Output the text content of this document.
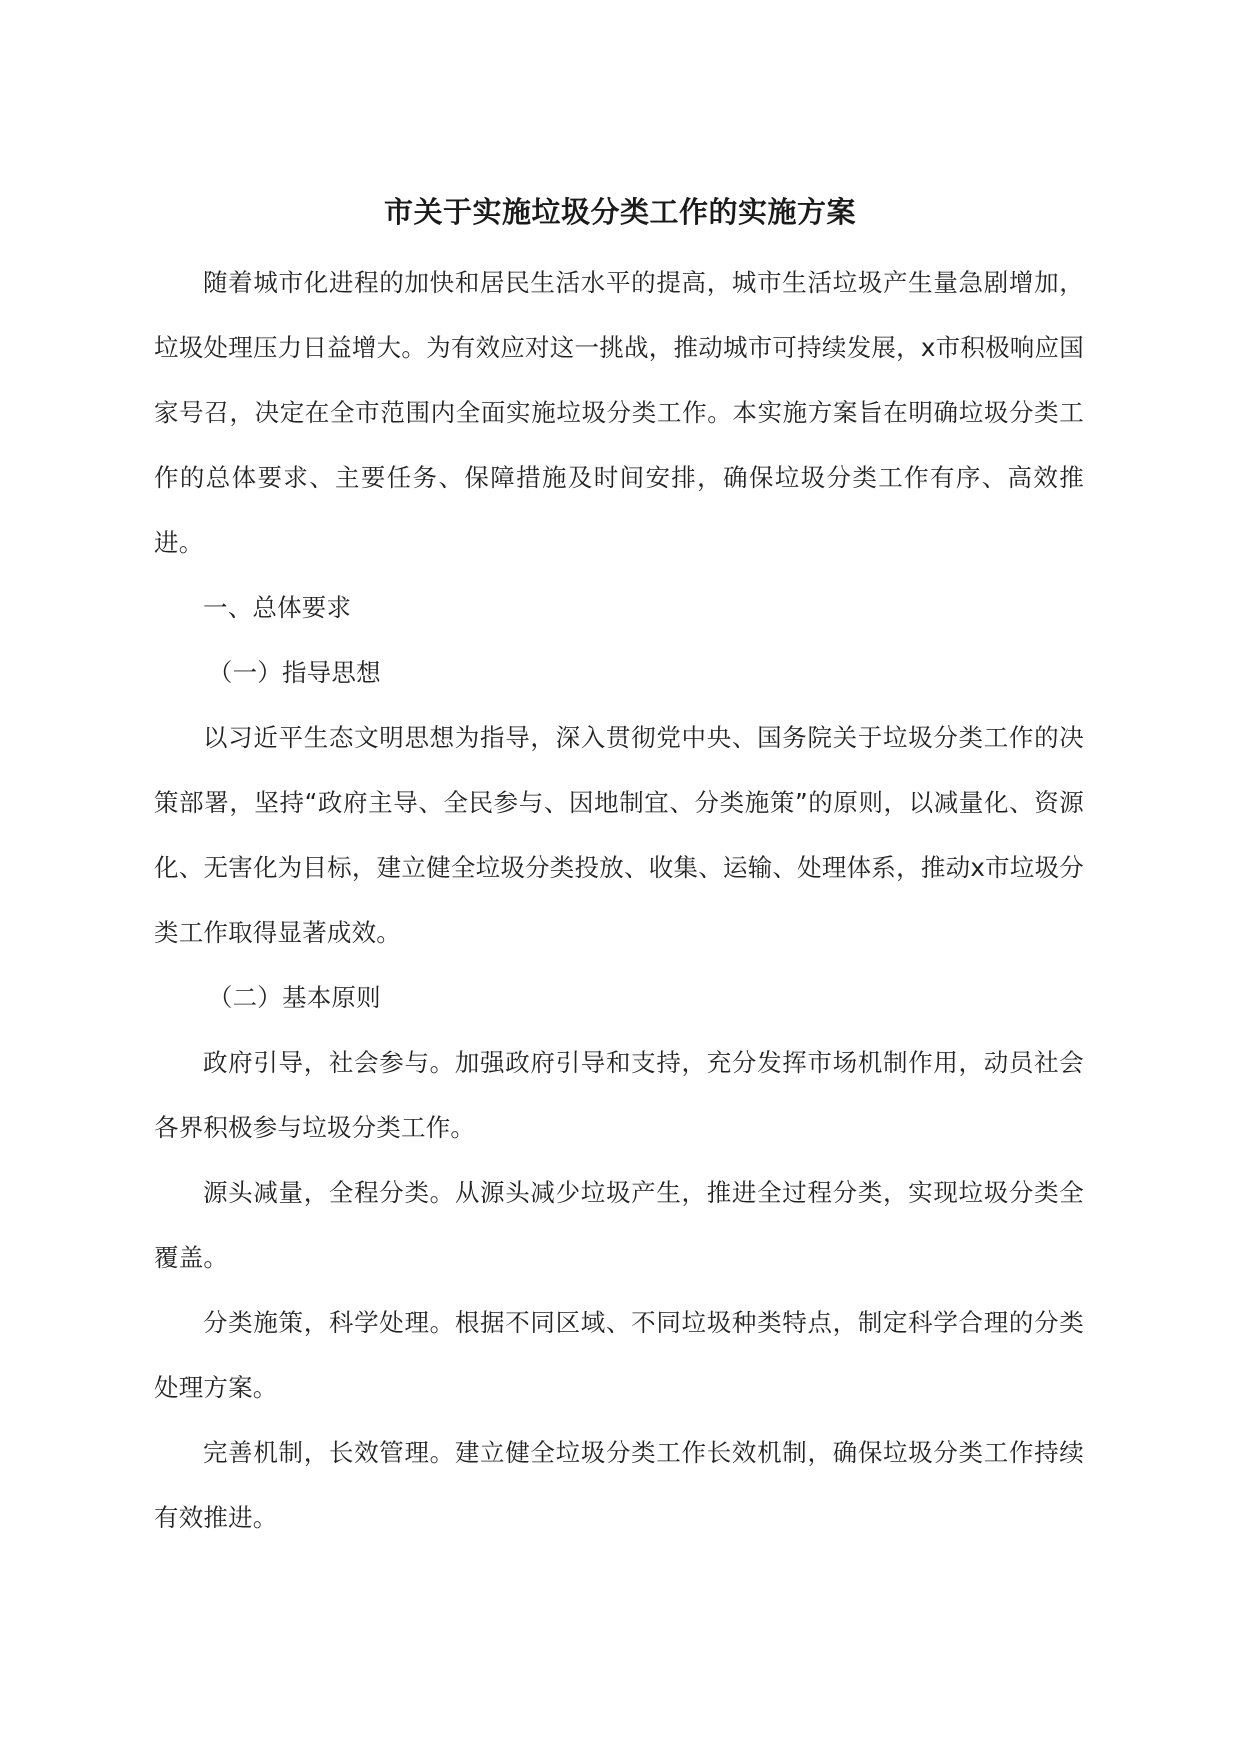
市关于实施垃圾分类工作的实施方案

随着城市化进程的加快和居民生活水平的提高，城市生活垃圾产生量急剧增加，垃圾处理压力日益增大。为有效应对这一挑战，推动城市可持续发展，x市积极响应国家号召，决定在全市范围内全面实施垃圾分类工作。本实施方案旨在明确垃圾分类工作的总体要求、主要任务、保障措施及时间安排，确保垃圾分类工作有序、高效推进。

一、总体要求

（一）指导思想

以习近平生态文明思想为指导，深入贯彻党中央、国务院关于垃圾分类工作的决策部署，坚持“政府主导、全民参与、因地制宜、分类施策”的原则，以减量化、资源化、无害化为目标，建立健全垃圾分类投放、收集、运输、处理体系，推动x市垃圾分类工作取得显著成效。

（二）基本原则

政府引导，社会参与。加强政府引导和支持，充分发挥市场机制作用，动员社会各界积极参与垃圾分类工作。

源头减量，全程分类。从源头减少垃圾产生，推进全过程分类，实现垃圾分类全覆盖。

分类施策，科学处理。根据不同区域、不同垃圾种类特点，制定科学合理的分类处理方案。

完善机制，长效管理。建立健全垃圾分类工作长效机制，确保垃圾分类工作持续有效推进。
